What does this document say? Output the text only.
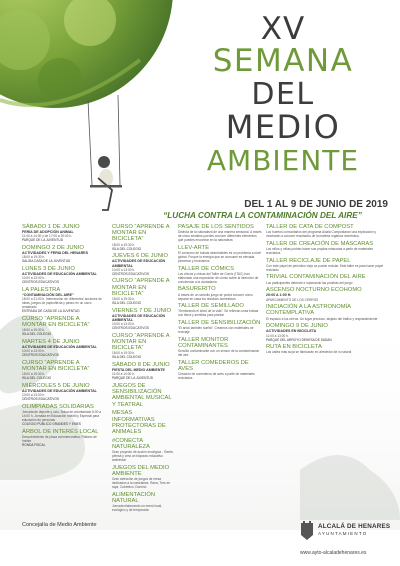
XV
SEMANA
DEL
MEDIO
AMBIENTE
DEL 1 AL 9 DE JUNIO DE 2019
“LUCHA CONTRA LA CONTAMINACIÓN DEL AIRE”
SÁBADO 1 DE JUNIO
FERIA DE ADOPCIÓN ANIMAL
11:00 a 14:00 y de 17:00 a 20:00 h.
PARQUE DE LA JUVENTUD
DOMINGO 2 DE JUNIO
ACTIVIDADES Y FERIA DEL HENARES
18:00 a 19:30 h.
SALIDA CASA DE LA JUVENTUD
LUNES 3 DE JUNIO
ACTIVIDADES DE EDUCACIÓN AMBIENTAL
10:00 a 13:00 h.
CENTROS EDUCATIVOS
LA PALESTRA
“CONTAMINACIÓN DEL AIRE”
18:00 a 21:00 h. Intervención de ‘diferentes’ acciones de ideas, juegos de papiroflexia y paseo en un carro arrastrado
ENTRADA DE CASA DE LA JUVENTUD
CURSO “APRENDE A MONTAR EN BICICLETA”
18:00 a 19:30 h.
ISLA DEL COLEGIO
MARTES 4 DE JUNIO
ACTIVIDADES DE EDUCACIÓN AMBIENTAL
10:00 a 13:00 h.
CENTROS EDUCATIVOS
CURSO “APRENDE A MONTAR EN BICICLETA”
18:00 a 19:30 h.
ISLA DEL COLEGIO
MIÉRCOLES 5 DE JUNIO
ACTIVIDADES DE EDUCACIÓN AMBIENTAL
10:00 a 13:00 h.
CENTROS EDUCATIVOS
OLIMPIADAS SOLIDARIAS
Jornada de deporte y ocio. Bolsa de voluntariado 8:00 a 14:00 h. Jornada en Educación Infantil y Especial para educación de personas
COLEGIO PÚBLICO GRANDES Y EMES
ÁRBOL DE INTERÉS LOCAL
Descubrimiento de placa conmemorativa. Plátano de Insiste
RONDA FISCAL
CURSO “APRENDE A MONTAR EN BICICLETA”
18:00 a 19:30 h.
ISLA DEL COLEGIO
JUEVES 6 DE JUNIO
ACTIVIDADES DE EDUCACIÓN AMBIENTAL
10:00 a 13:00 h.
CENTROS EDUCATIVOS
CURSO “APRENDE A MONTAR EN BICICLETA”
18:00 a 19:30 h.
ISLA DEL COLEGIO
VIERNES 7 DE JUNIO
ACTIVIDADES DE EDUCACIÓN AMBIENTAL
10:00 a 13:00 h.
CENTROS EDUCATIVOS
CURSO “APRENDE A MONTAR EN BICICLETA”
18:00 a 19:30 h.
ISLA DEL COLEGIO
SÁBADO 8 DE JUNIO
FIESTA DEL MEDIO AMBIENTE
11:00 a 14:00 h.
PARQUE DE LA JUVENTUD
JUEGOS DE SENSIBILIZACIÓN AMBIENTAL MUSICAL Y TEATRAL
MESAS INFORMATIVAS PROTECTORAS DE ANIMALES
#CONECTA NATURALEZA
Gran proyecto de acción ecológica - Siente, piensa y crea un biopacto educativo ambiental
JUEGOS DEL MEDIO AMBIENTE
Gran selección de juegos de mesa dedicados a la naturaleza. Rana, Tres en raya, Cobertizo, Dominó
ALIMENTACIÓN NATURAL
Jornada elaborando un menú local, ecológico y de temporada
PASAJE DE LOS SENTIDOS
Disfruta de la naturaleza de una manera sensorial. A través de cinco sentidos puedes conocer diferentes elementos que puedes encontrar en la naturaleza
LLEV-ARTE
El consumo de bolsas desechables es un problema a nivel global. Porque la energía que se consume es elevada, pintamos y reciclamos
TALLER DE CÓMICS
Los chicos y chicas del Taller de Cómic (ITAC) han elaborado una exposición de cómic sobre la intención de concienciar a la ciudadanía
BASURERITO
A través de un sencillo juego se podrá conocer cómo separar en casa los residuos domésticos
TALLER DE SEMILLADO
“Sembrando el árbol de la vida”. Se rellenan unas bolsas con tierra y semillas para plantar
TALLER DE SENSIBILIZACIÓN
“El árbol también sueña”. Creamos con materiales de reciclaje
TALLER MONITOR CONTAMINANTES
Sencillo contaminante con un sensor de la contaminación del aire
TALLER COMEDEROS DE AVES
Creación de comederos de aves a partir de materiales reciclados
TALLER DE CATA DE COMPOST
Los huertos comunitarios del programa Alcalá Compostaran una explicación y mostrarán a conocer resultados de la materia orgánica doméstica
TALLER DE CREACIÓN DE MÁSCARAS
Los niños y niñas podrán hacer sus propias máscaras a partir de materiales reciclados
TALLER RECICLAJE DE PAPEL
Con este papel de periódico viejo se puede reciclar. Este taller es para hacer papel reciclado
TRIVIAL CONTAMINACIÓN DEL AIRE
Los participantes deberán ir superando las pruebas del juego
ASCENSO NOCTURNO ECOHOMO
20:00 A 1:00 H.
APARCAMIENTO DE LOS CERROS
INICIACIÓN A LA ASTRONOMÍA CONTEMPLATIVA
El espacio a los cerros. Un lugar precioso, alejado del tráfico y resplandeciente
DOMINGO 9 DE JUNIO
ACTIVIDADES EN BICICLETA
11:00 a 13:00 h.
PARQUE DEL ARROYO DEHESA DE SADAN
RUTA EN BICICLETA
Las calles más suya se fabricarán en alrededor de lo natural
Concejalía de Medio Ambiente	ALCALÁ DE HENARES
AYUNTAMIENTO
www.ayto-alcaladehenares.es
